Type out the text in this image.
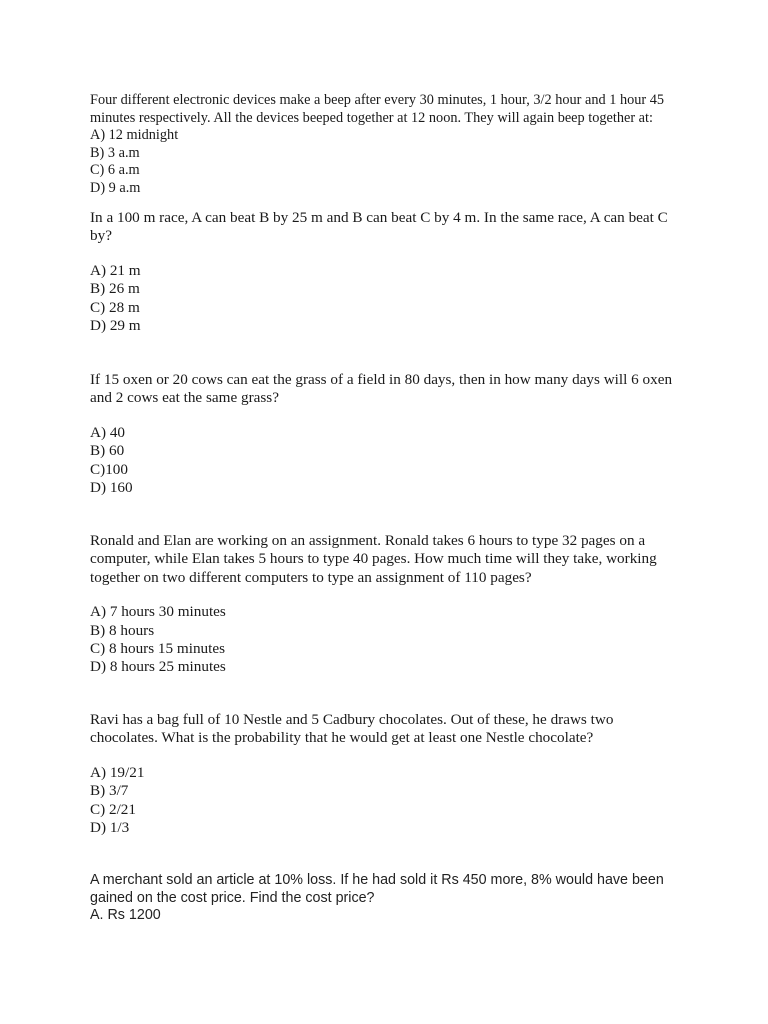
Four different electronic devices make a beep after every 30 minutes, 1 hour, 3/2 hour and 1 hour 45 minutes respectively. All the devices beeped together at 12 noon. They will again beep together at:

A) 12 midnight
B) 3 a.m
C) 6 a.m
D) 9 a.m

In a 100 m race, A can beat B by 25 m and B can beat C by 4 m. In the same race, A can beat C by?

A) 21 m
B) 26 m
C) 28 m
D) 29 m

If 15 oxen or 20 cows can eat the grass of a field in 80 days, then in how many days will 6 oxen and 2 cows eat the same grass?

A) 40
B) 60
C)100
D) 160

Ronald and Elan are working on an assignment. Ronald takes 6 hours to type 32 pages on a computer, while Elan takes 5 hours to type 40 pages. How much time will they take, working together on two different computers to type an assignment of 110 pages?

A) 7 hours 30 minutes
B) 8 hours
C) 8 hours 15 minutes
D) 8 hours 25 minutes

Ravi has a bag full of 10 Nestle and 5 Cadbury chocolates. Out of these, he draws two chocolates. What is the probability that he would get at least one Nestle chocolate?

A) 19/21
B) 3/7
C) 2/21
D) 1/3

A merchant sold an article at 10% loss. If he had sold it Rs 450 more, 8% would have been gained on the cost price. Find the cost price?

A. Rs 1200
